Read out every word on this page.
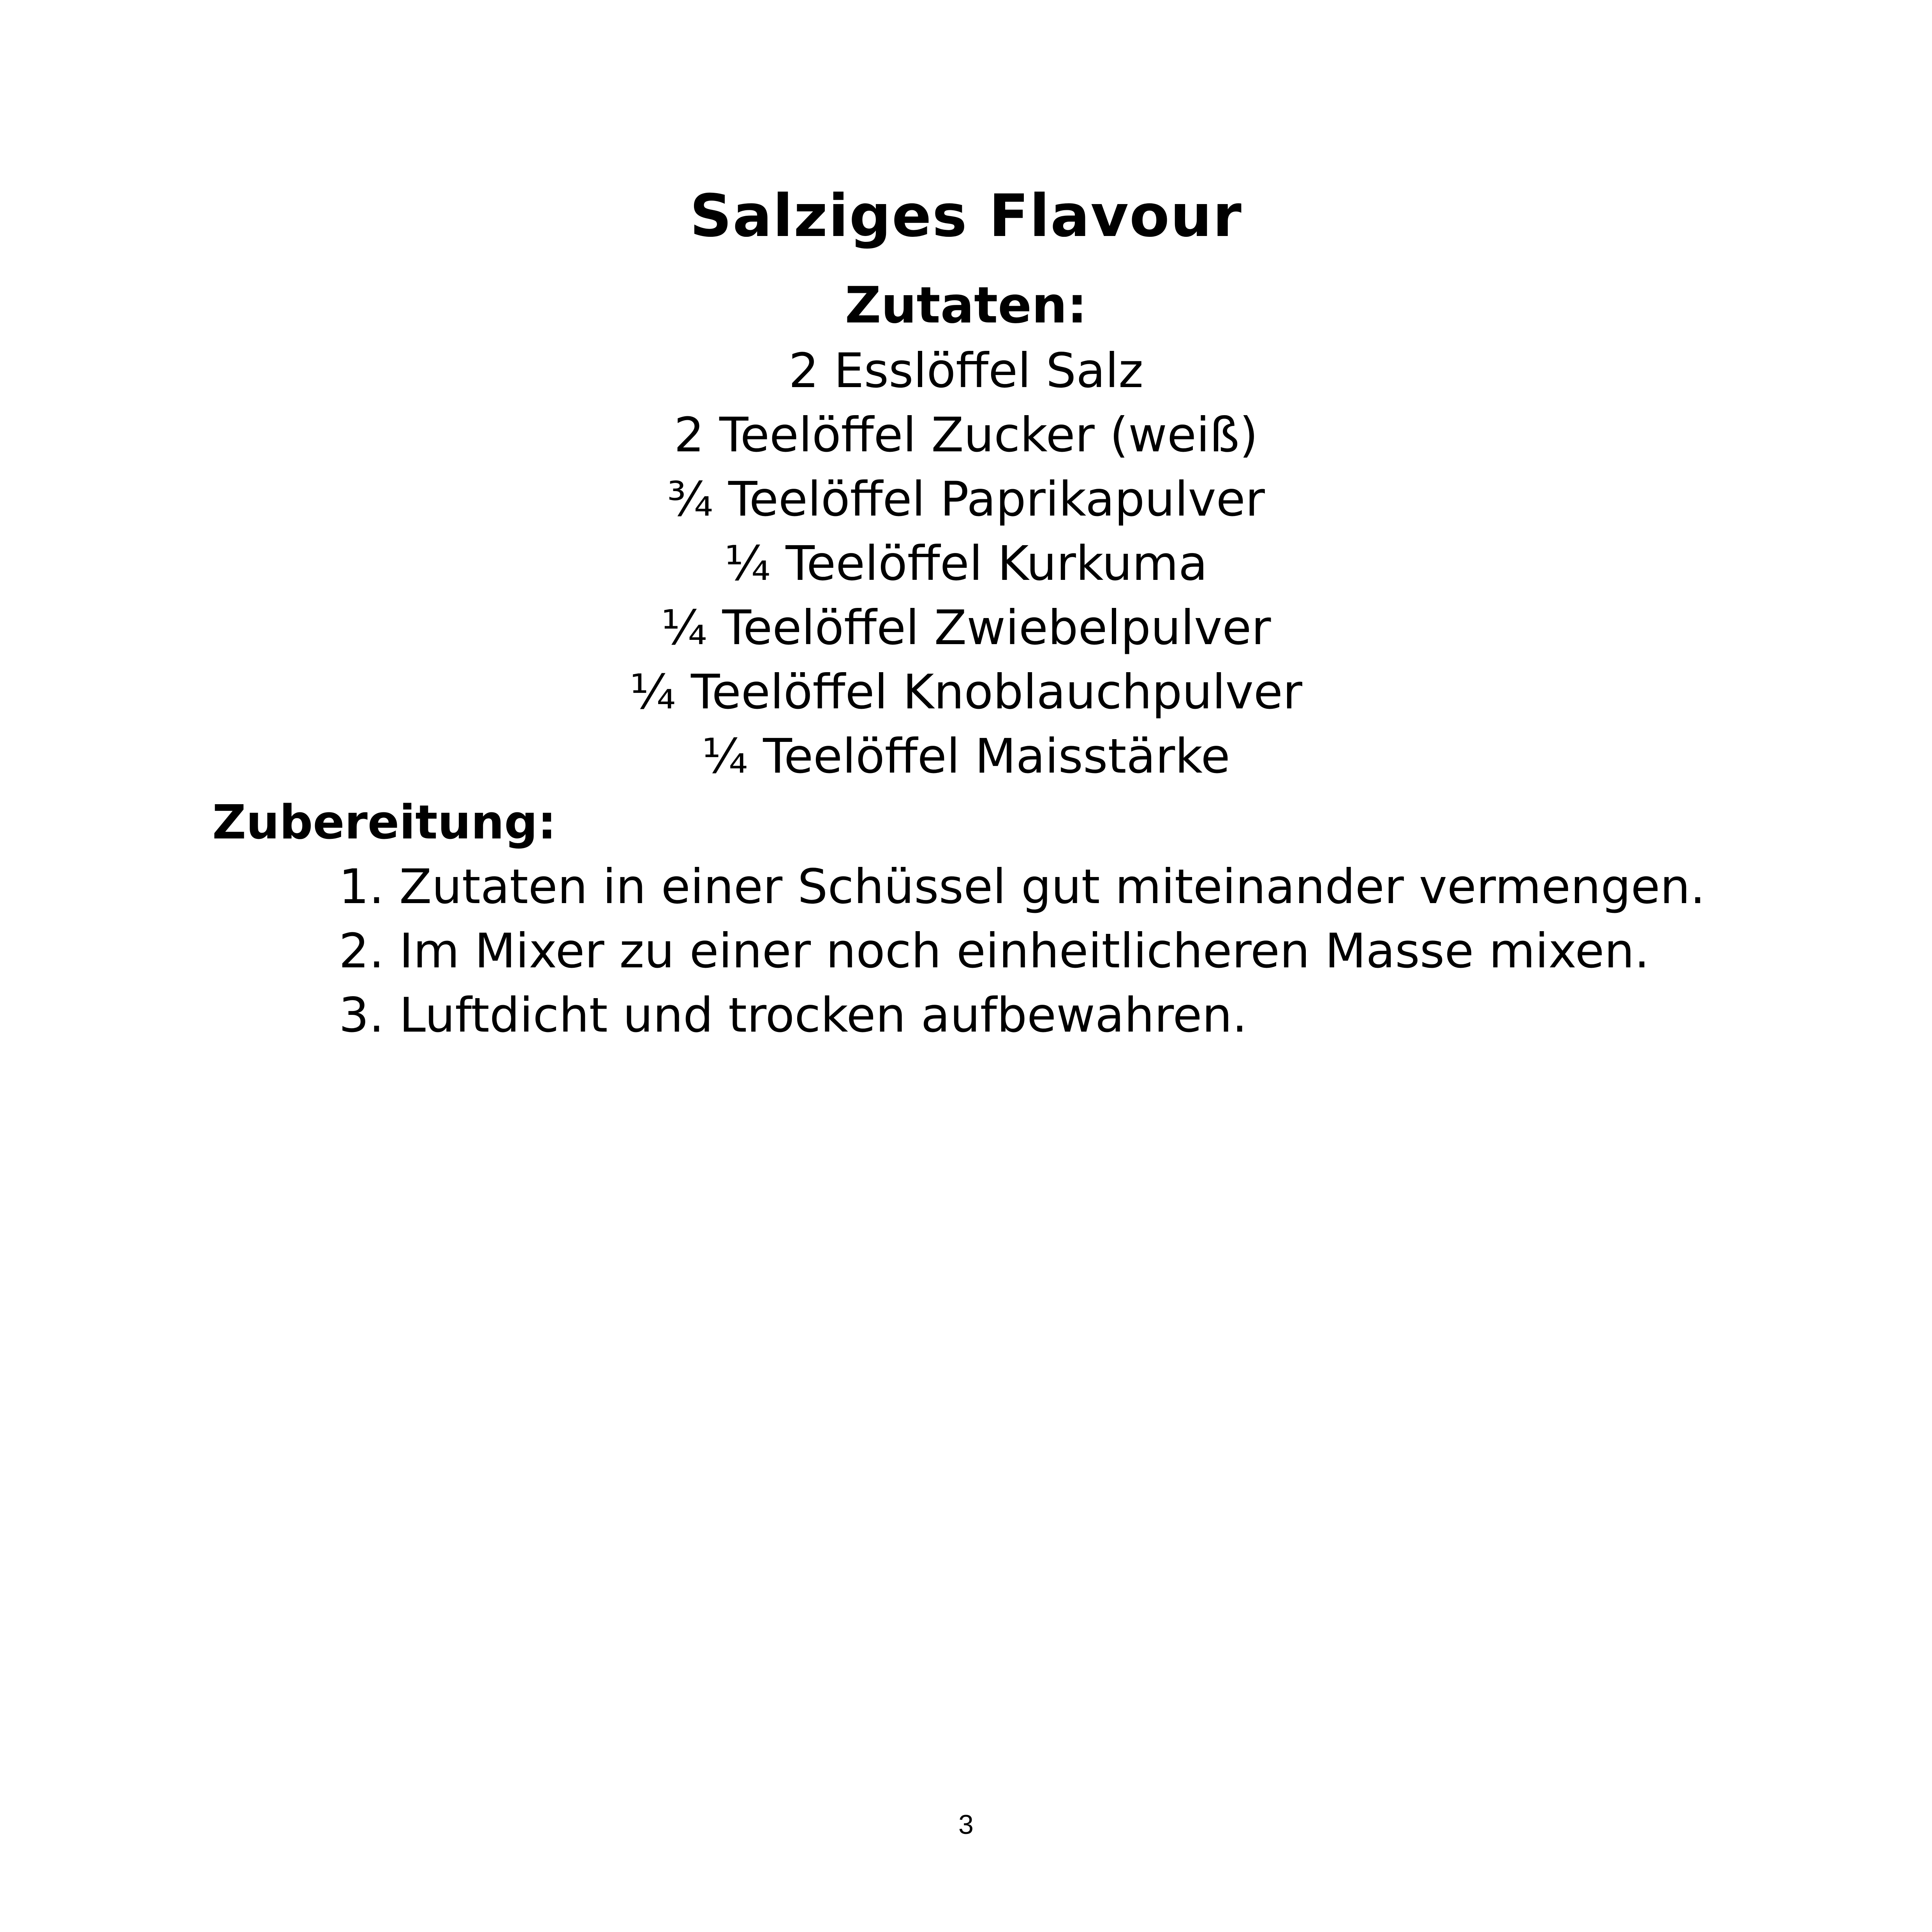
Salziges Flavour
Zutaten:
2 Esslöffel Salz
2 Teelöffel Zucker (weiß)
¾ Teelöffel Paprikapulver
¼ Teelöffel Kurkuma
¼ Teelöffel Zwiebelpulver
¼ Teelöffel Knoblauchpulver
¼ Teelöffel Maisstärke
Zubereitung:
1. Zutaten in einer Schüssel gut miteinander vermengen.
2. Im Mixer zu einer noch einheitlicheren Masse mixen.
3. Luftdicht und trocken aufbewahren.
3
